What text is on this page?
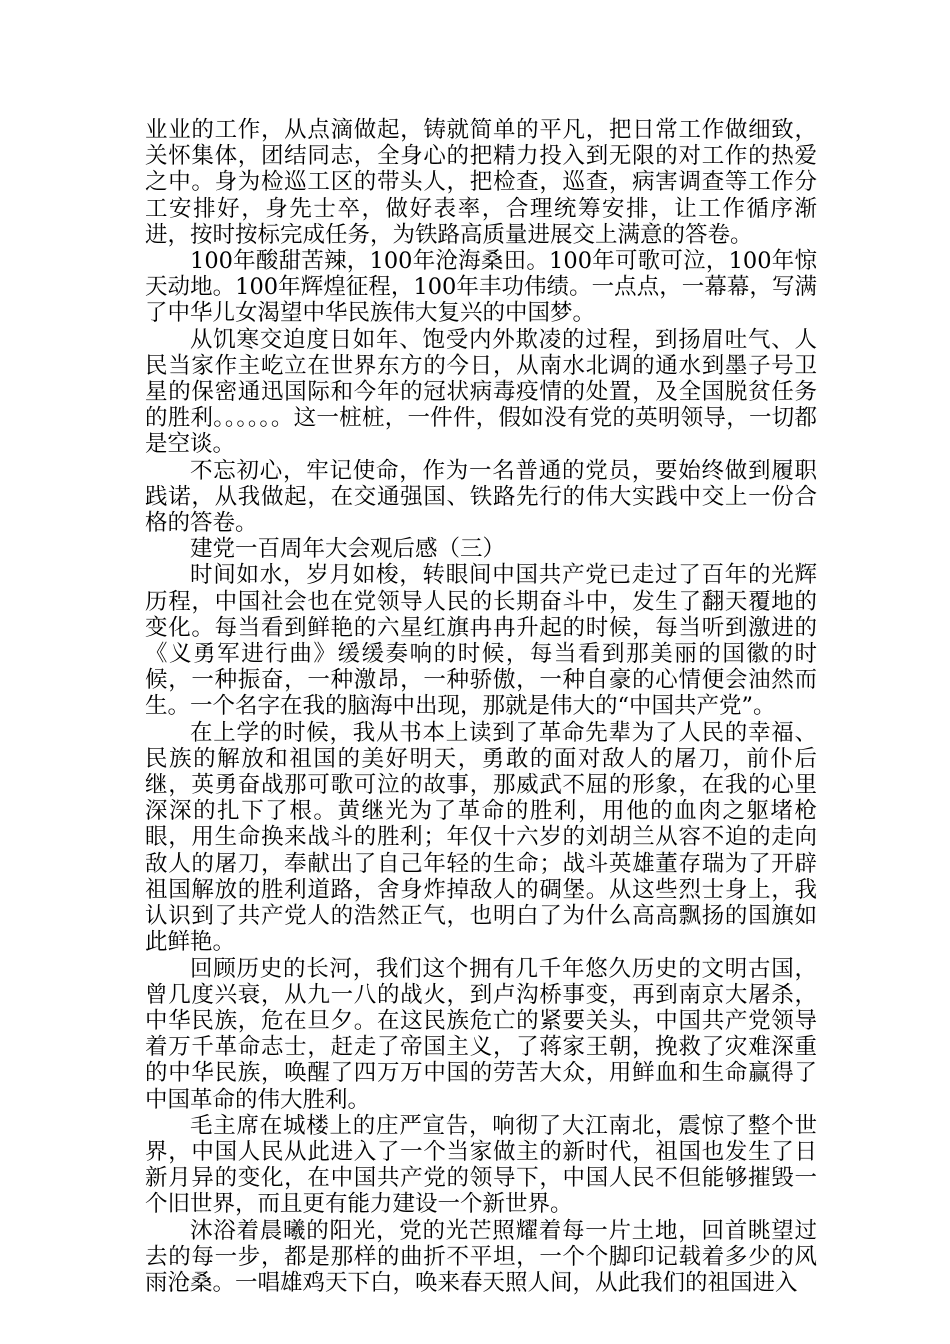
业业的工作，从点滴做起，铸就简单的平凡，把日常工作做细致，关怀集体，团结同志，全身心的把精力投入到无限的对工作的热爱之中。身为检巡工区的带头人，把检查，巡查，病害调查等工作分工安排好，身先士卒，做好表率，合理统筹安排，让工作循序渐进，按时按标完成任务，为铁路高质量进展交上满意的答卷。

100年酸甜苦辣，100年沧海桑田。100年可歌可泣，100年惊天动地。100年辉煌征程，100年丰功伟绩。一点点，一幕幕，写满了中华儿女渴望中华民族伟大复兴的中国梦。

从饥寒交迫度日如年、饱受内外欺凌的过程，到扬眉吐气、人民当家作主屹立在世界东方的今日，从南水北调的通水到墨子号卫星的保密通迅国际和今年的冠状病毒疫情的处置，及全国脱贫任务的胜利。。。。。。这一桩桩，一件件，假如没有党的英明领导，一切都是空谈。

不忘初心，牢记使命，作为一名普通的党员，要始终做到履职践诺，从我做起，在交通强国、铁路先行的伟大实践中交上一份合格的答卷。

建党一百周年大会观后感（三）

时间如水，岁月如梭，转眼间中国共产党已走过了百年的光辉历程，中国社会也在党领导人民的长期奋斗中，发生了翻天覆地的变化。每当看到鲜艳的六星红旗冉冉升起的时候，每当听到激进的《义勇军进行曲》缓缓奏响的时候，每当看到那美丽的国徽的时候，一种振奋，一种激昂，一种骄傲，一种自豪的心情便会油然而生。一个名字在我的脑海中出现，那就是伟大的“中国共产党”。

在上学的时候，我从书本上读到了革命先辈为了人民的幸福、民族的解放和祖国的美好明天，勇敢的面对敌人的屠刀，前仆后继，英勇奋战那可歌可泣的故事，那威武不屈的形象，在我的心里深深的扎下了根。黄继光为了革命的胜利，用他的血肉之躯堵枪眼，用生命换来战斗的胜利；年仅十六岁的刘胡兰从容不迫的走向敌人的屠刀，奉献出了自己年轻的生命；战斗英雄董存瑞为了开辟祖国解放的胜利道路，舍身炸掉敌人的碉堡。从这些烈士身上，我认识到了共产党人的浩然正气，也明白了为什么高高飘扬的国旗如此鲜艳。

回顾历史的长河，我们这个拥有几千年悠久历史的文明古国，曾几度兴衰，从九一八的战火，到卢沟桥事变，再到南京大屠杀，中华民族，危在旦夕。在这民族危亡的紧要关头，中国共产党领导着万千革命志士，赶走了帝国主义，了蒋家王朝，挽救了灾难深重的中华民族，唤醒了四万万中国的劳苦大众，用鲜血和生命赢得了中国革命的伟大胜利。

毛主席在城楼上的庄严宣告，响彻了大江南北，震惊了整个世界，中国人民从此进入了一个当家做主的新时代，祖国也发生了日新月异的变化，在中国共产党的领导下，中国人民不但能够摧毁一个旧世界，而且更有能力建设一个新世界。

沐浴着晨曦的阳光，党的光芒照耀着每一片土地，回首眺望过去的每一步，都是那样的曲折不平坦，一个个脚印记载着多少的风雨沧桑。一唱雄鸡天下白，唤来春天照人间，从此我们的祖国进入
